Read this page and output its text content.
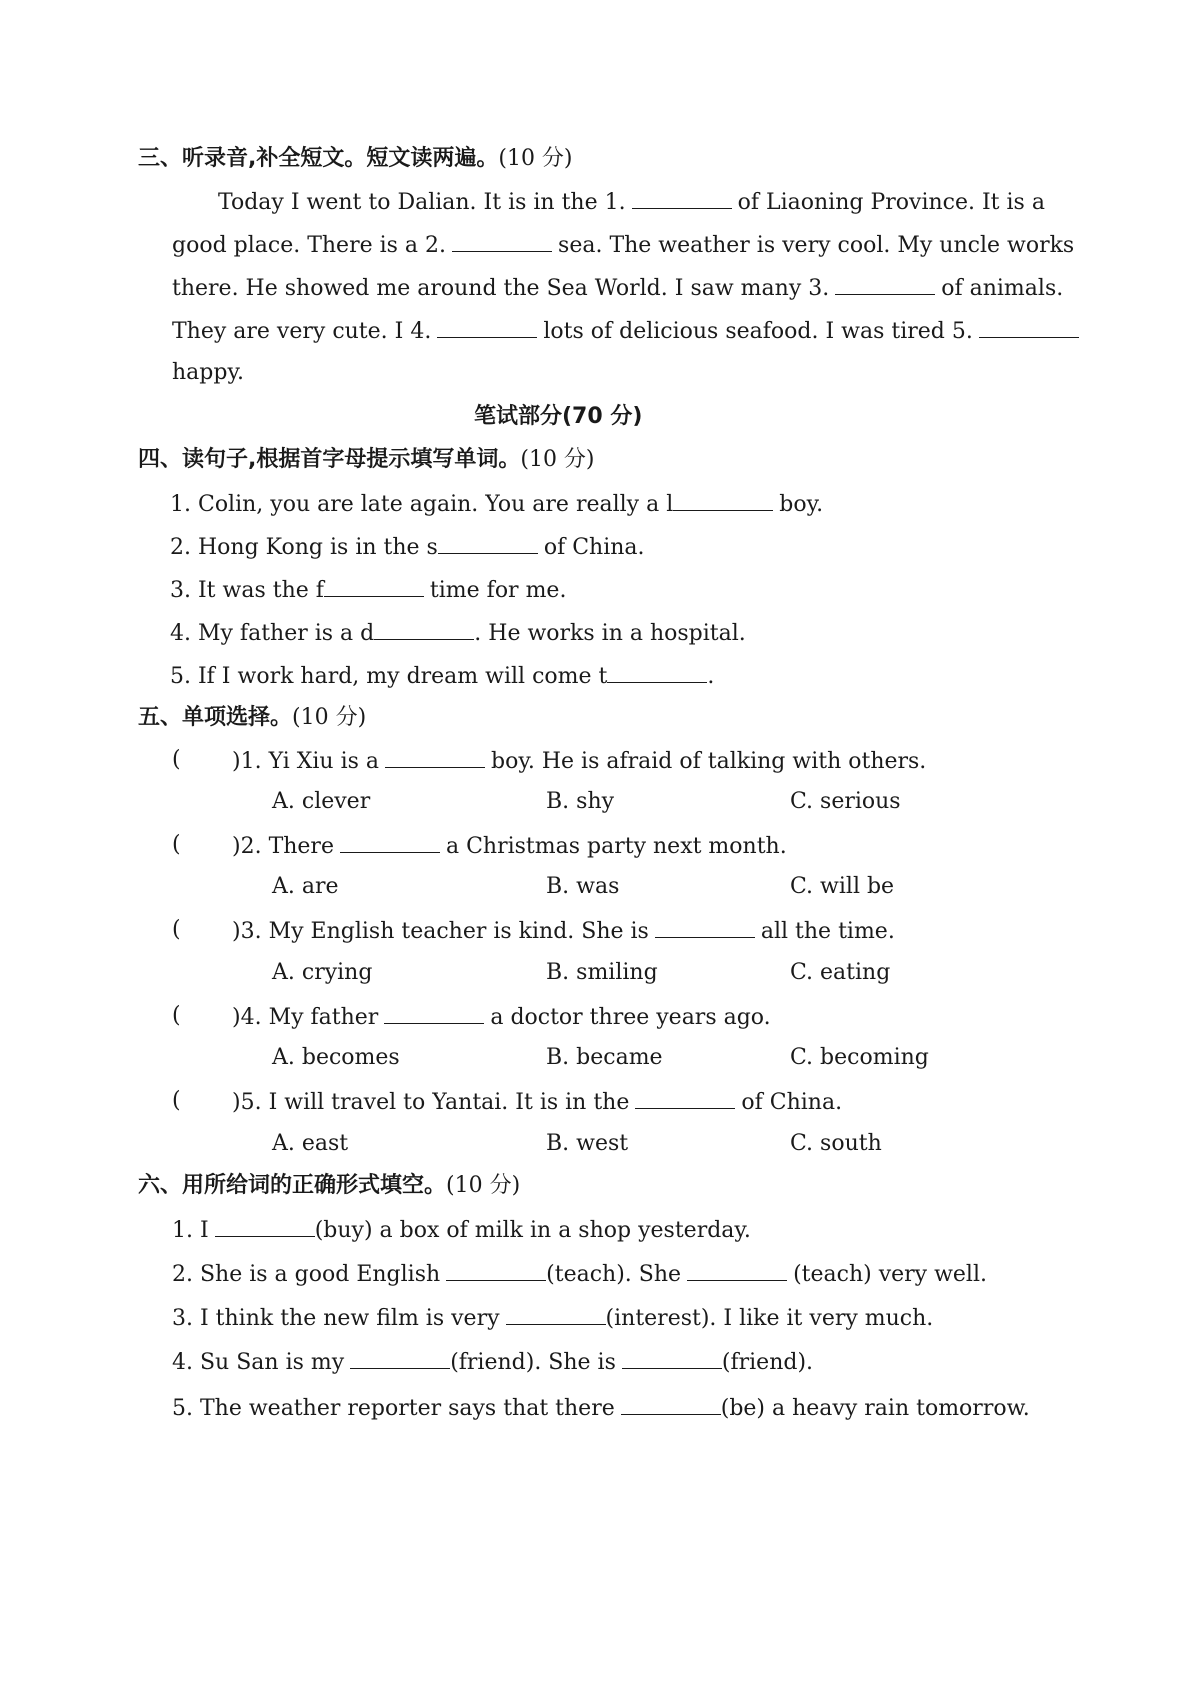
三、听录音,补全短文。短文读两遍。(10 分)
Today I went to Dalian. It is in the 1.	of Liaoning Province. It is a
good place. There is a 2.	sea. The weather is very cool. My uncle works
there. He showed me around the Sea World. I saw many 3.	of animals.
They are very cute. I 4.	lots of delicious seafood. I was tired 5.
happy.
笔试部分(70 分)
四、读句子,根据首字母提示填写单词。(10 分)
1. Colin, you are late again. You are really a l	boy.
2. Hong Kong is in the s	of China.
3. It was the f	time for me.
4. My father is a d	. He works in a hospital.
5. If I work hard, my dream will come t	.
五、单项选择。(10 分)
( )1. Yi Xiu is a	boy. He is afraid of talking with others.
A. clever	B. shy	C. serious
( )2. There	a Christmas party next month.
A. are	B. was	C. will be
( )3. My English teacher is kind. She is	all the time.
A. crying	B. smiling	C. eating
( )4. My father	a doctor three years ago.
A. becomes	B. became	C. becoming
( )5. I will travel to Yantai. It is in the	of China.
A. east	B. west	C. south
六、用所给词的正确形式填空。(10 分)
1. I	(buy) a box of milk in a shop yesterday.
2. She is a good English	(teach). She	(teach) very well.
3. I think the new film is very	(interest). I like it very much.
4. Su San is my	(friend). She is	(friend).
5. The weather reporter says that there	(be) a heavy rain tomorrow.
